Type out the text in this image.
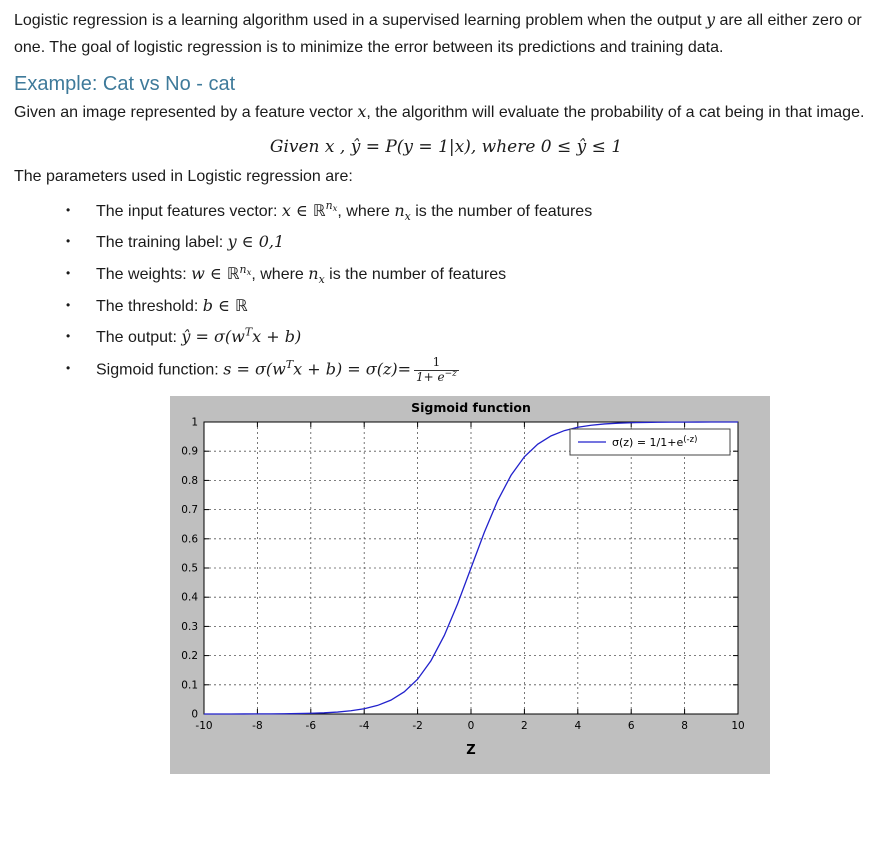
Logistic regression is a learning algorithm used in a supervised learning problem when the output y are all either zero or one. The goal of logistic regression is to minimize the error between its predictions and training data.

Example: Cat vs No - cat

Given an image represented by a feature vector x, the algorithm will evaluate the probability of a cat being in that image.

Given x , ŷ = P(y = 1|x), where 0 ≤ ŷ ≤ 1

The parameters used in Logistic regression are:

• The input features vector: x ∈ ℝ$^{nx}$, where $n_x$ is the number of features
• The training label: y ∈ 0,1
• The weights: w ∈ ℝ$^{nx}$, where $n_x$ is the number of features
• The threshold: b ∈ ℝ
• The output: ŷ = $\sigma(w^Tx + b)$
• Sigmoid function: $s = \sigma(w^Tx + b) = \sigma(z)= \frac{1}{1+ e^{-z}}$
-10	-8	-6	-4	-2	0	2	4	6	8	10
0
0.1
0.2
0.3
0.4
0.5
0.6
0.7
0.8
0.9
1
Sigmoid function
Z
$\sigma(z) = 1/1+e^{(-z)}$
